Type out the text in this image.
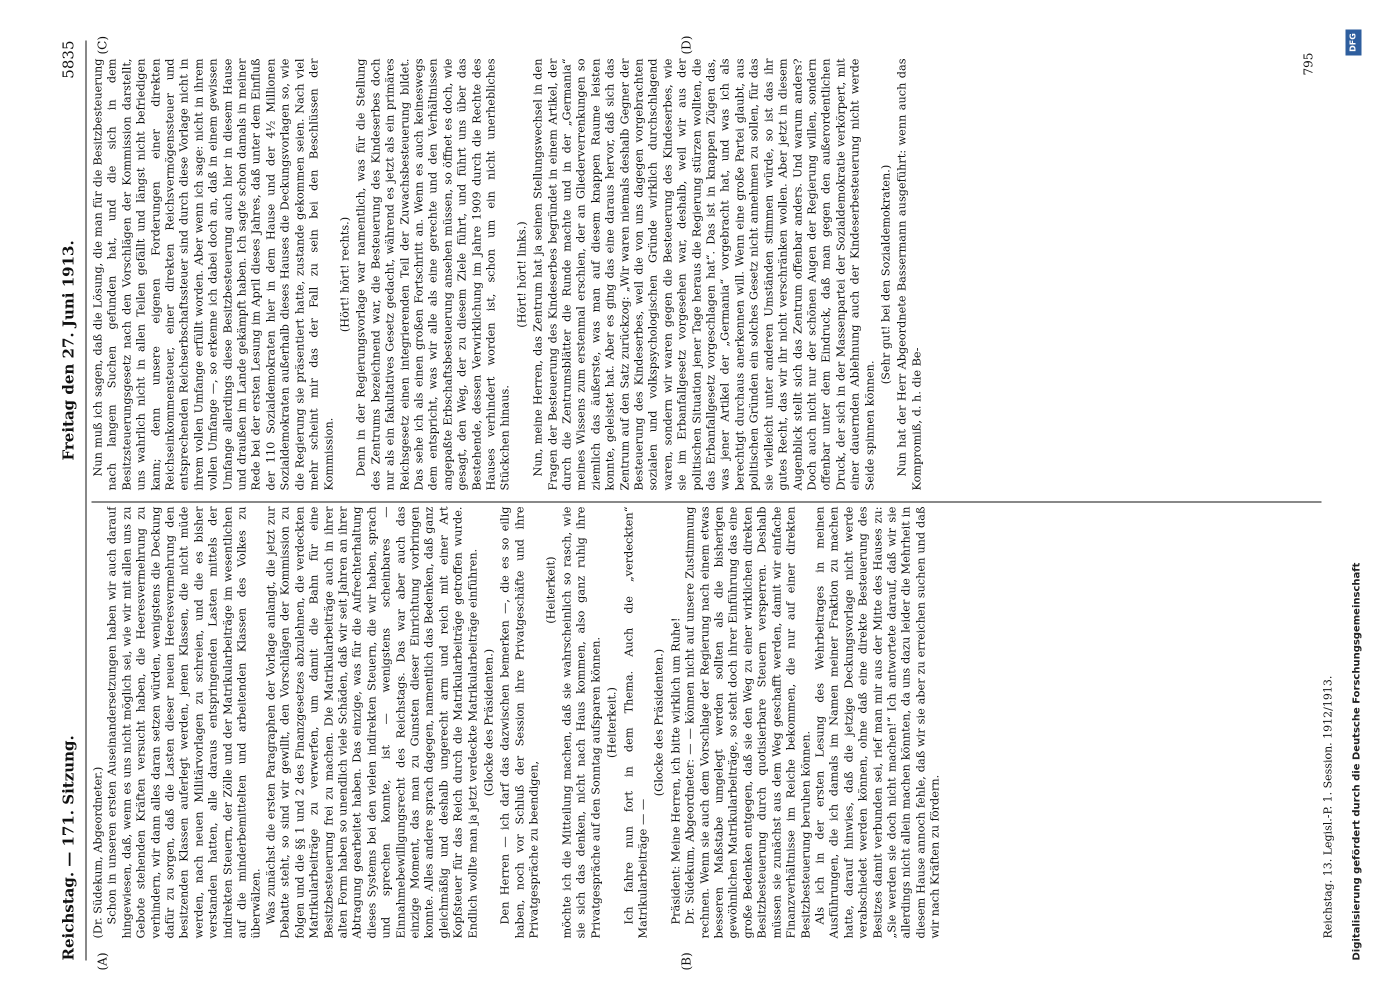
Reichstag. — 171. Sitzung.
Freitag den 27. Juni 1913.
5835
(A)	(B)
(C)	(D)

(Dr. Südekum, Abgeordneter.) Schon in unseren ersten Auseinandersetzungen haben wir auch darauf hingewiesen, daß, wenn es uns nicht möglich sei, wie wir mit allen uns zu Gebote stehenden Kräften versucht haben, die Heeresvermehrung zu verhindern, wir dann alles daran setzen würden, wenigstens die Deckung dafür zu sorgen, daß die Lasten dieser neuen Heeresvermehrung den besitzenden Klassen auferlegt werden, jenen Klassen, die nicht müde werden, nach neuen Militärvorlagen zu schreien, und die es bisher verstanden hatten, alle daraus entspringenden Lasten mittels der indirekten Steuern, der Zölle und der Matrikularbeiträge im wesentlichen auf die minderbemittelten und arbeitenden Klassen des Volkes zu überwälzen. Was zunächst die ersten Paragraphen der Vorlage anlangt, die jetzt zur Debatte steht, so sind wir gewillt, den Vorschlägen der Kommission zu folgen und die §§ 1 und 2 des Finanzgesetzes abzulehnen, die verdeckten Matrikularbeiträge zu verwerfen, um damit die Bahn für eine Besitzbesteuerung frei zu machen. Die Matrikularbeiträge auch in ihrer alten Form haben so unendlich viele Schäden, daß wir seit Jahren an ihrer Abtragung gearbeitet haben. Das einzige, was für die Aufrechterhaltung dieses Systems bei den vielen indirekten Steuern, die wir haben, sprach und sprechen konnte, ist — wenigstens scheinbares — Einnahmebewilligungsrecht des Reichstags. Das war aber auch das einzige Moment, das man zu Gunsten dieser Einrichtung vorbringen konnte. Alles andere sprach dagegen, namentlich das Bedenken, daß ganz gleichmäßig und deshalb ungerecht arm und reich mit einer Art Kopfsteuer für das Reich durch die Matrikularbeiträge getroffen wurde. Endlich wollte man ja jetzt verdeckte Matrikularbeiträge einführen. (Glocke des Präsidenten.) Den Herren — ich darf das dazwischen bemerken —, die es so eilig haben, noch vor Schluß der Session ihre Privatgeschäfte und ihre Privatgespräche zu beendigen,

(Heiterkeit) möchte ich die Mitteilung machen, daß sie wahrscheinlich so rasch, wie sie sich das denken, nicht nach Haus kommen, also ganz ruhig ihre Privatgespräche auf den Sonntag aufsparen können. (Heiterkeit.) Ich fahre nun fort in dem Thema. Auch die „verdeckten“ Matrikularbeiträge — —

(Glocke des Präsidenten.) Präsident: Meine Herren, ich bitte wirklich um Ruhe! Dr. Südekum, Abgeordneter: — — können nicht auf unsere Zustimmung rechnen. Wenn sie auch dem Vorschlage der Regierung nach einem etwas besseren Maßstabe umgelegt werden sollten als die bisherigen gewöhnlichen Matrikularbeiträge, so steht doch ihrer Einführung das eine große Bedenken entgegen, daß sie den Weg zu einer wirklichen direkten Besitzbesteuerung durch quotisierbare Steuern versperren. Deshalb müssen sie zunächst aus dem Weg geschafft werden, damit wir einfache Finanzverhältnisse im Reiche bekommen, die nur auf einer direkten Besitzbesteuerung beruhen können. Als ich in der ersten Lesung des Wehrbeitrages in meinen Ausführungen, die ich damals im Namen meiner Fraktion zu machen hatte, darauf hinwies, daß die jetzige Deckungsvorlage nicht werde verabschiedet werden können, ohne daß eine direkte Besteuerung des Besitzes damit verbunden sei, rief man mir aus der Mitte des Hauses zu: „Sie werden sie doch nicht machen!“ Ich antwortete darauf, daß wir sie allerdings nicht allein machen könnten, da uns dazu leider die Mehrheit in diesem Hause annoch fehle, daß wir sie aber zu erreichen suchen und daß wir nach Kräften zu fördern.

Nun muß ich sagen, daß die Lösung, die man für die Besitzbesteuerung nach langem Suchen gefunden hat, und die sich in dem Besitzsteuerungsgesetz nach den Vorschlägen der Kommission darstellt, uns wahrlich nicht in allen Teilen gefällt und längst nicht befriedigen kann; denn unsere eigenen Forderungen einer direkten Reichseinkommensteuer, einer direkten Reichsvermögenssteuer und entsprechenden Reichserbschaftssteuer sind durch diese Vorlage nicht in ihrem vollen Umfange erfüllt worden. Aber wenn ich sage: nicht in ihrem vollen Umfange —, so erkenne ich dabei doch an, daß in einem gewissen Umfange allerdings diese Besitzbesteuerung auch hier in diesem Hause und draußen im Lande gekämpft haben. Ich sagte schon damals in meiner Rede bei der ersten Lesung im April dieses Jahres, daß unter dem Einfluß der 110 Sozialdemokraten hier in dem Hause und der 4½ Millionen Sozialdemokraten außerhalb dieses Hauses die Deckungsvorlagen so, wie die Regierung sie präsentiert hatte, zustande gekommen seien. Nach viel mehr scheint mir das der Fall zu sein bei den Beschlüssen der Kommission.

(Hört! hört! rechts.) Denn in der Regierungsvorlage war namentlich, was für die Stellung des Zentrums bezeichnend war, die Besteuerung des Kindeserbes doch nur als ein fakultatives Gesetz gedacht, während es jetzt als ein primäres Reichsgesetz einen integrierenden Teil der Zuwachsbesteuerung bildet. Das sehe ich als einen großen Fortschritt an. Wenn es auch keineswegs dem entspricht, was wir alle als eine gerechte und den Verhältnissen angepaßte Erbschaftsbesteuerung ansehen müssen, so öffnet es doch, wie gesagt, den Weg, der zu diesem Ziele führt, und führt uns über das Bestehende, dessen Verwirklichung im Jahre 1909 durch die Rechte des Hauses verhindert worden ist, schon um ein nicht unerhebliches Stückchen hinaus.

(Hört! hört! links.) Nun, meine Herren, das Zentrum hat ja seinen Stellungswechsel in den Fragen der Besteuerung des Kindeserbes begründet in einem Artikel, der durch die Zentrumsblätter die Runde machte und in der „Germania“ meines Wissens zum erstenmal erschien, der an Gliederverrenkungen so ziemlich das äußerste, was man auf diesem knappen Raume leisten konnte, geleistet hat. Aber es ging das eine daraus hervor, daß sich das Zentrum auf den Satz zurückzog: „Wir waren niemals deshalb Gegner der Besteuerung des Kindeserbes, weil die von uns dagegen vorgebrachten sozialen und volkspsychologischen Gründe wirklich durchschlagend waren, sondern wir waren gegen die Besteuerung des Kindeserbes, wie sie im Erbanfallgesetz vorgesehen war, deshalb, weil wir aus der politischen Situation jener Tage heraus die Regierung stürzen wollten, die das Erbanfallgesetz vorgeschlagen hat“. Das ist in knappen Zügen das, was jener Artikel der „Germania“ vorgebracht hat, und was ich als berechtigt durchaus anerkennen will. Wenn eine große Partei glaubt, aus politischen Gründen ein solches Gesetz nicht annehmen zu sollen, für das sie vielleicht unter anderen Umständen stimmen würde, so ist das ihr gutes Recht, das wir ihr nicht verschränken wollen. Aber jetzt in diesem Augenblick stellt sich das Zentrum offenbar anders. Und warum anders? Doch auch nicht nur der schönen Augen der Regierung willen, sondern offenbar unter dem Eindruck, daß man gegen den außerordentlichen Druck, der sich in der Massenpartei der Sozialdemokratie verkörpert, mit einer dauernden Ablehnung auch der Kindeserbesteuerung nicht werde Seide spinnen können.

(Sehr gut! bei den Sozialdemokraten.) Nun hat der Herr Abgeordnete Bassermann ausgeführt: wenn auch das Kompromiß, d. h. die Be-

Reichstag. 13. Legisl.-P. 1. Session. 1912/1913.
795
Digitalisierung gefördert durch die Deutsche Forschungsgemeinschaft
DFG
